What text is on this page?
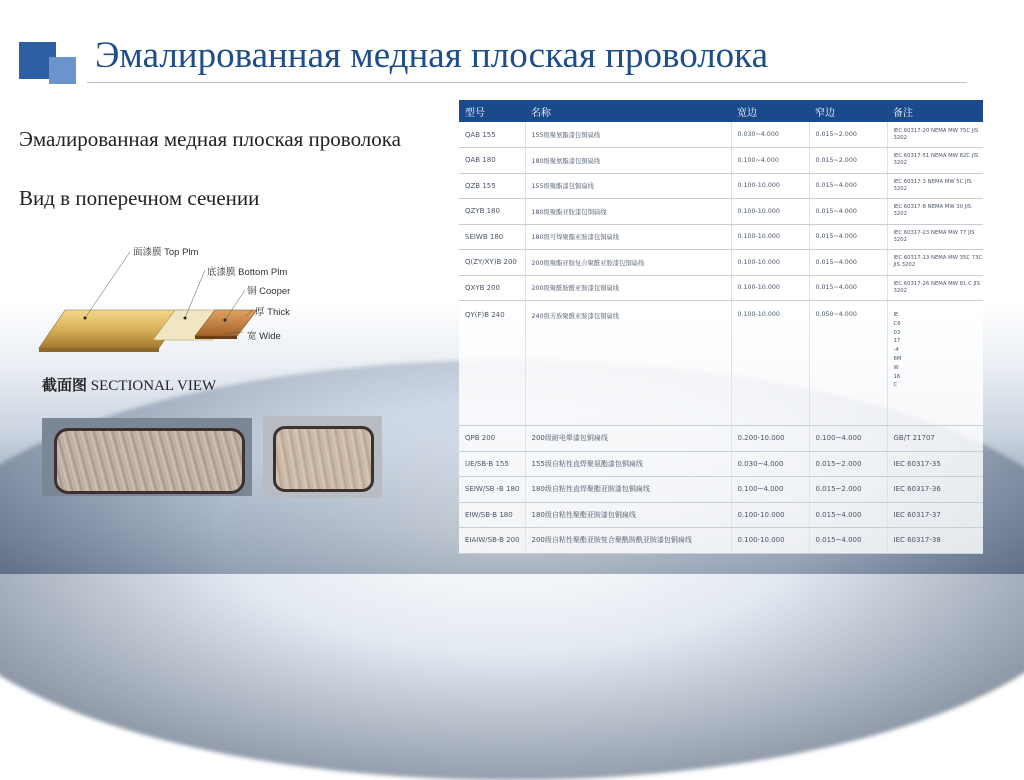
Эмалированная медная плоская проволока
Эмалированная медная плоская проволока
Вид в поперечном сечении
面漆膜 Top Plm
底漆膜 Bottom Plm
铜 Cooper
厚 Thick
宽 Wide
截面图 SECTIONAL VIEW
型号	名称	宽边	窄边	备注
QAB 155	155级聚氨酯漆包铜扁线	0.030~4.000	0.015~2.000	IEC 60317-20 NEMA MW 75C JIS 3202
QAB 180	180级聚氨酯漆包铜扁线	0.100~4.000	0.015~2.000	IEC 60317-51 NEMA MW 82C JIS 3202
QZB 155	155级聚酯漆包铜扁线	0.100-10.000	0.015~4.000	IEC 60317-3 NEMA MW 5C JIS 3202
QZYB 180	180级聚酯亚胺漆包铜扁线	0.100-10.000	0.015~4.000	IEC 60317-8 NEMA MW 30 JIS 3202
SEIWB 180	180级可焊聚酯亚胺漆包铜扁线	0.100-10.000	0.015~4.000	IEC 60317-23 NEMA MW 77 JIS 3202
Q(ZY/XY)B 200	200级聚酯亚胺复合聚酰亚胺漆包铜扁线	0.100-10.000	0.015~4.000	IEC 60317-13 NEMA MW 35C 73C JIS 3202
QXYB 200	200级聚酰胺酰亚胺漆包铜扁线	0.100-10.000	0.015~4.000	IEC 60317-26 NEMA MW 81 C JIS 3202
QY(F)B 240	240级芳族聚酰亚胺漆包铜扁线	0.100-10.000	0.050~4.000	IEC60317-46MW16C

QPB 200	200级耐电晕漆包铜扁线	0.200-10.000	0.100~4.000	GB/T 21707
UE/SB-B 155	155级自粘性直焊聚氨酯漆包铜扁线	0.030~4.000	0.015~2.000	IEC 60317-35
SEIW/SB -B 180	180级自粘性直焊聚酯亚胺漆包铜扁线	0.100~4.000	0.015~2.000	IEC 60317-36
EIW/SB-B 180	180级自粘性聚酯亚胺漆包铜扁线	0.100-10.000	0.015~4.000	IEC 60317-37
EIAIW/SB-B 200	200级自粘性聚酯亚胺复合聚酰胺酰亚胺漆包铜扁线	0.100-10.000	0.015~4.000	IEC 60317-38
